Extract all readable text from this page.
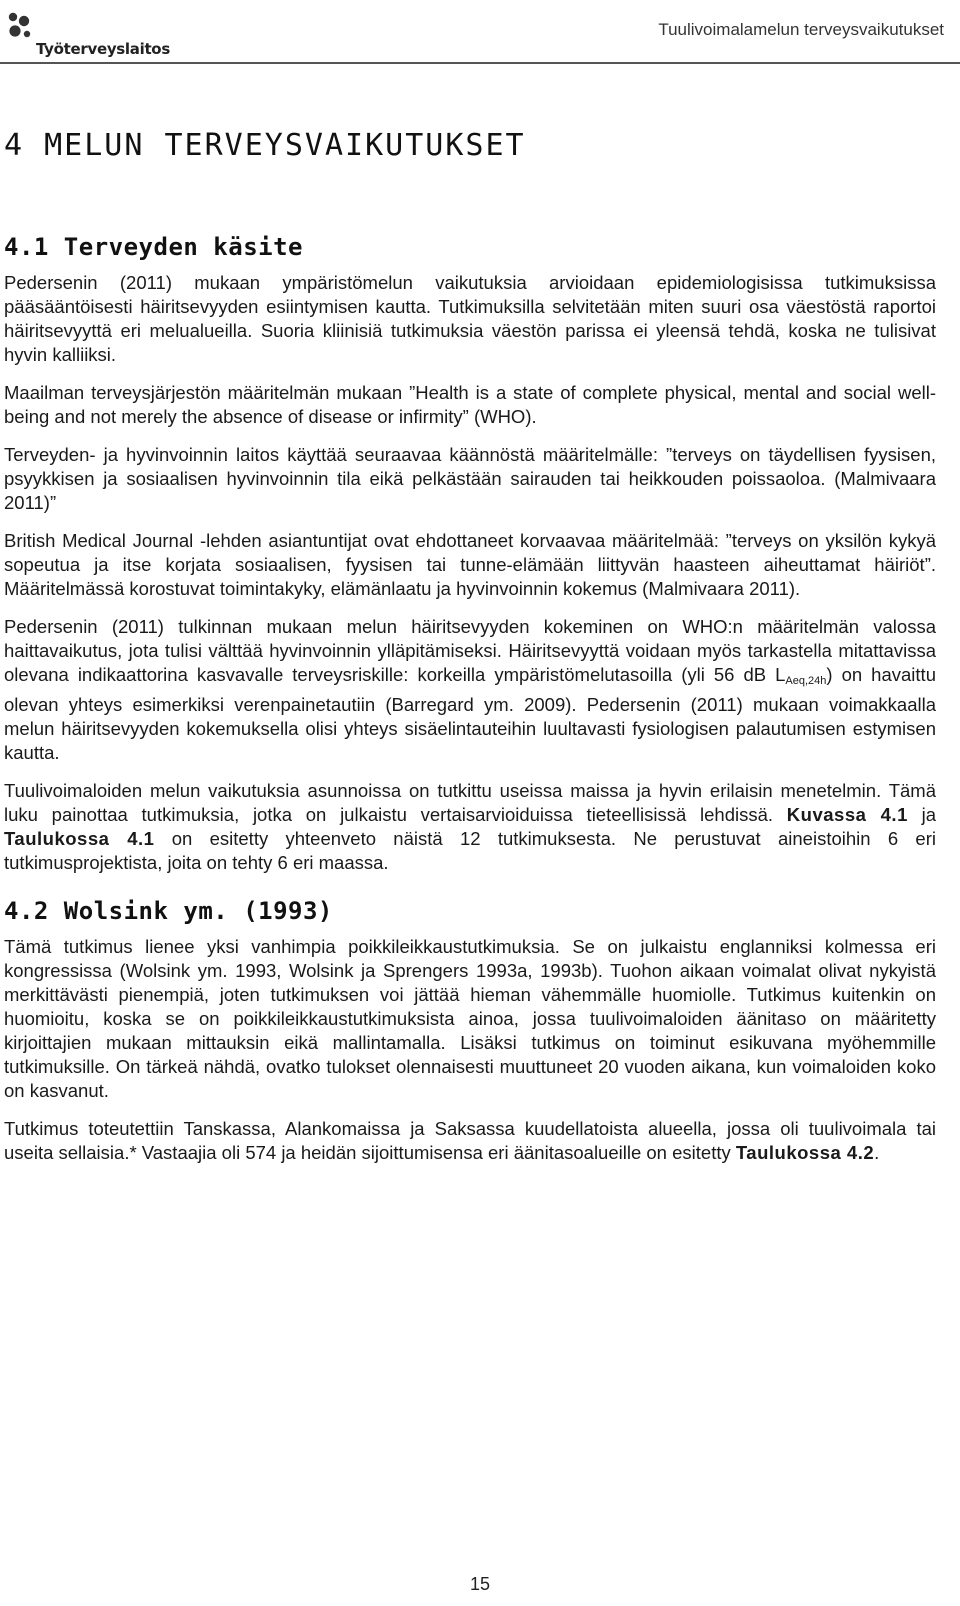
Työterveyslaitos
Tuulivoimalamelun terveysvaikutukset
4 MELUN TERVEYSVAIKUTUKSET
4.1 Terveyden käsite

Pedersenin (2011) mukaan ympäristömelun vaikutuksia arvioidaan epidemiologisissa tutkimuksissa pääsääntöisesti häiritsevyyden esiintymisen kautta. Tutkimuksilla selvitetään miten suuri osa väestöstä raportoi häiritsevyyttä eri melualueilla. Suoria kliinisiä tutkimuksia väestön parissa ei yleensä tehdä, koska ne tulisivat hyvin kalliiksi.

Maailman terveysjärjestön määritelmän mukaan ”Health is a state of complete physical, mental and social well-being and not merely the absence of disease or infirmity” (WHO).

Terveyden- ja hyvinvoinnin laitos käyttää seuraavaa käännöstä määritelmälle: ”terveys on täydellisen fyysisen, psyykkisen ja sosiaalisen hyvinvoinnin tila eikä pelkästään sairauden tai heikkouden poissaoloa. (Malmivaara 2011)”

British Medical Journal -lehden asiantuntijat ovat ehdottaneet korvaavaa määritelmää: ”terveys on yksilön kykyä sopeutua ja itse korjata sosiaalisen, fyysisen tai tunne-elämään liittyvän haasteen aiheuttamat häiriöt”. Määritelmässä korostuvat toimintakyky, elämänlaatu ja hyvinvoinnin kokemus (Malmivaara 2011).

Pedersenin (2011) tulkinnan mukaan melun häiritsevyyden kokeminen on WHO:n määritelmän valossa haittavaikutus, jota tulisi välttää hyvinvoinnin ylläpitämiseksi. Häiritsevyyttä voidaan myös tarkastella mitattavissa olevana indikaattorina kasvavalle terveysriskille: korkeilla ympäristömelutasoilla (yli 56 dB $L_{Aeq,24h}$) on havaittu olevan yhteys esimerkiksi verenpainetautiin (Barregard ym. 2009). Pedersenin (2011) mukaan voimakkaalla melun häiritsevyyden kokemuksella olisi yhteys sisäelintauteihin luultavasti fysiologisen palautumisen estymisen kautta.

Tuulivoimaloiden melun vaikutuksia asunnoissa on tutkittu useissa maissa ja hyvin erilaisin menetelmin. Tämä luku painottaa tutkimuksia, jotka on julkaistu vertaisarvioiduissa tieteellisissä lehdissä. Kuvassa 4.1 ja Taulukossa 4.1 on esitetty yhteenveto näistä 12 tutkimuksesta. Ne perustuvat aineistoihin 6 eri tutkimusprojektista, joita on tehty 6 eri maassa.

4.2 Wolsink ym. (1993)

Tämä tutkimus lienee yksi vanhimpia poikkileikkaustutkimuksia. Se on julkaistu englanniksi kolmessa eri kongressissa (Wolsink ym. 1993, Wolsink ja Sprengers 1993a, 1993b). Tuohon aikaan voimalat olivat nykyistä merkittävästi pienempiä, joten tutkimuksen voi jättää hieman vähemmälle huomiolle. Tutkimus kuitenkin on huomioitu, koska se on poikkileikkaustutkimuksista ainoa, jossa tuulivoimaloiden äänitaso on määritetty kirjoittajien mukaan mittauksin eikä mallintamalla. Lisäksi tutkimus on toiminut esikuvana myöhemmille tutkimuksille. On tärkeä nähdä, ovatko tulokset olennaisesti muuttuneet 20 vuoden aikana, kun voimaloiden koko on kasvanut.

Tutkimus toteutettiin Tanskassa, Alankomaissa ja Saksassa kuudellatoista alueella, jossa oli tuulivoimala tai useita sellaisia.* Vastaajia oli 574 ja heidän sijoittumisensa eri äänitasoalueille on esitetty Taulukossa 4.2.

15
